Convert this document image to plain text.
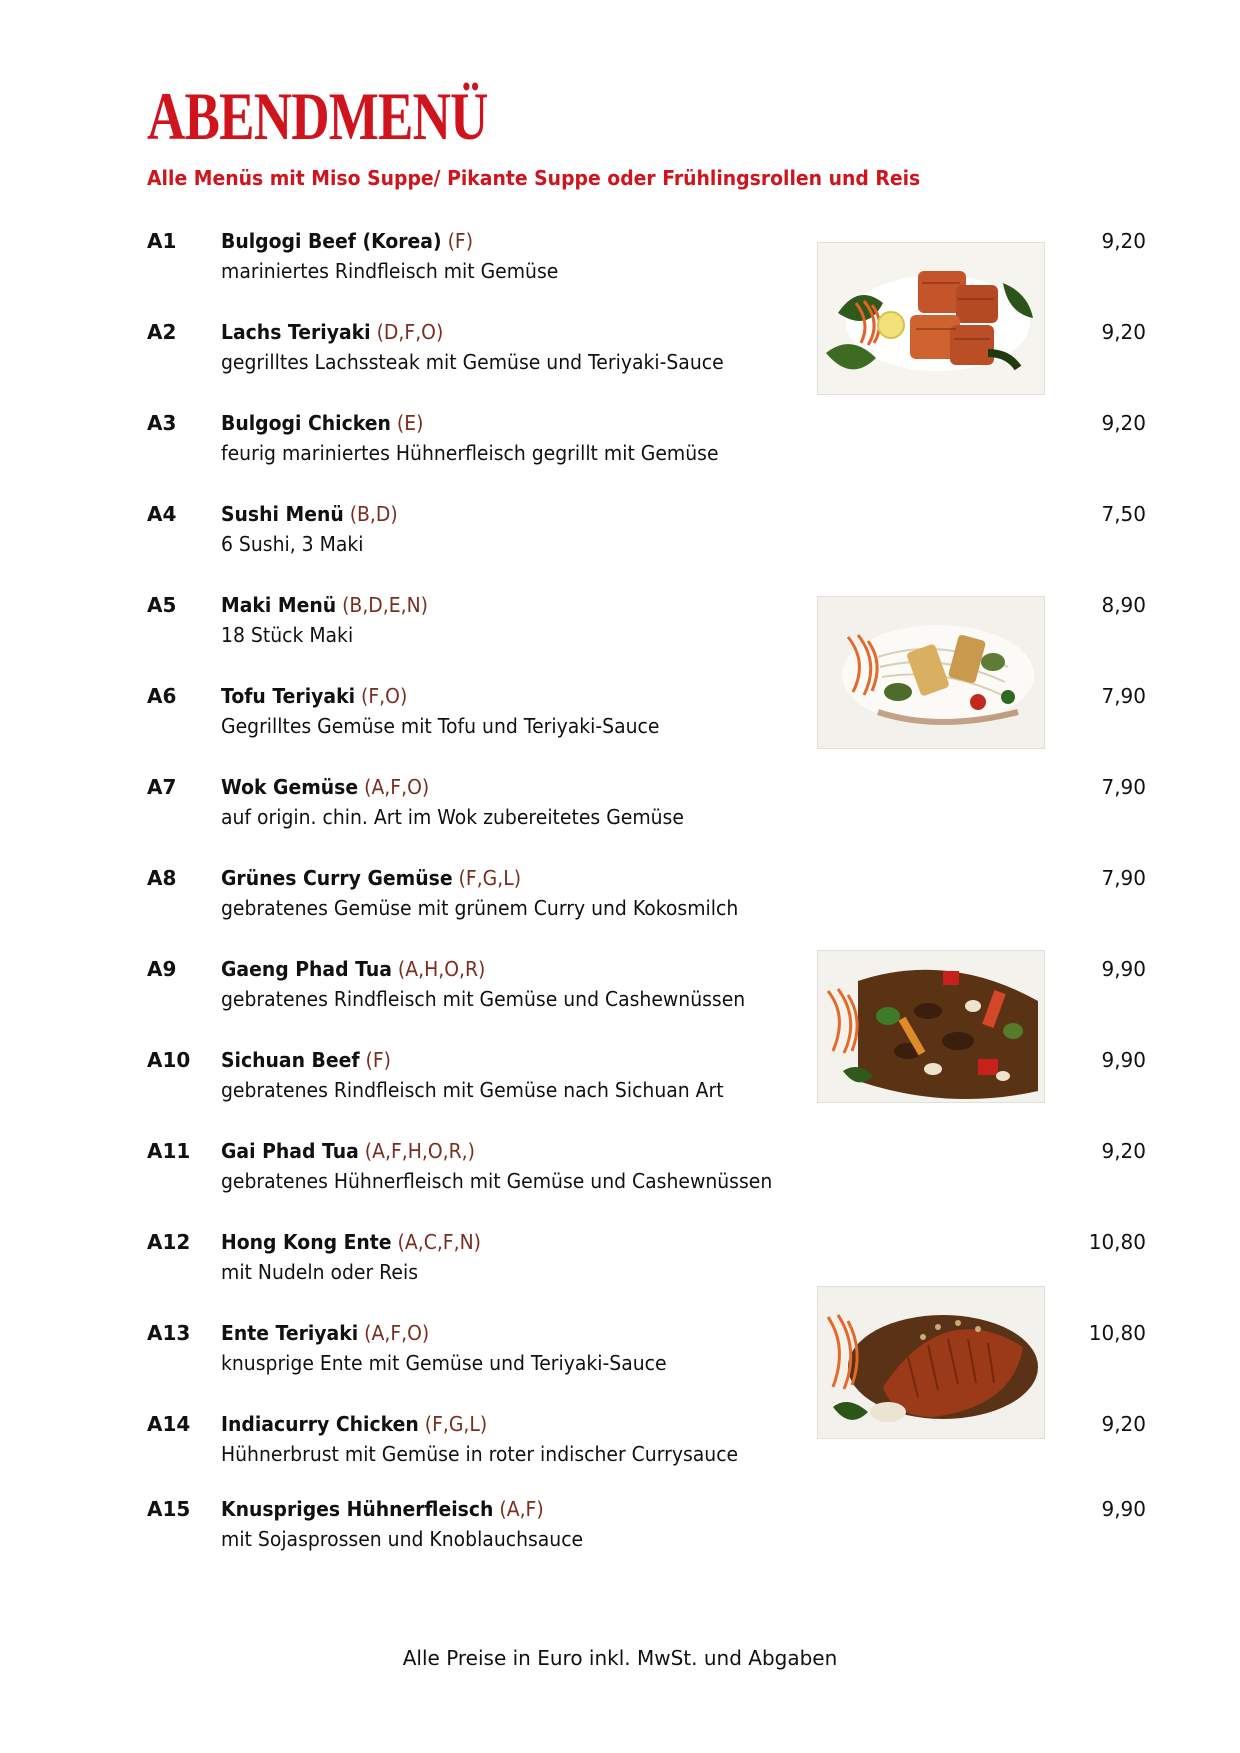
ABENDMENÜ
Alle Menüs mit Miso Suppe/ Pikante Suppe oder Frühlingsrollen und Reis
A1 Bulgogi Beef (Korea) (F)
mariniertes Rindfleisch mit Gemüse
9,20
A2 Lachs Teriyaki (D,F,O)
gegrilltes Lachssteak mit Gemüse und Teriyaki-Sauce
9,20
A3 Bulgogi Chicken (E)
feurig mariniertes Hühnerfleisch gegrillt mit Gemüse
9,20
A4 Sushi Menü (B,D)
6 Sushi, 3 Maki
7,50
A5 Maki Menü (B,D,E,N)
18 Stück Maki
8,90
A6 Tofu Teriyaki (F,O)
Gegrilltes Gemüse mit Tofu und Teriyaki-Sauce
7,90
A7 Wok Gemüse (A,F,O)
auf origin. chin. Art im Wok zubereitetes Gemüse
7,90
A8 Grünes Curry Gemüse (F,G,L)
gebratenes Gemüse mit grünem Curry und Kokosmilch
7,90
A9 Gaeng Phad Tua (A,H,O,R)
gebratenes Rindfleisch mit Gemüse und Cashewnüssen
9,90
A10 Sichuan Beef (F)
gebratenes Rindfleisch mit Gemüse nach Sichuan Art
9,90
A11 Gai Phad Tua (A,F,H,O,R,)
gebratenes Hühnerfleisch mit Gemüse und Cashewnüssen
9,20
A12 Hong Kong Ente (A,C,F,N)
mit Nudeln oder Reis
10,80
A13 Ente Teriyaki (A,F,O)
knusprige Ente mit Gemüse und Teriyaki-Sauce
10,80
A14 Indiacurry Chicken (F,G,L)
Hühnerbrust mit Gemüse in roter indischer Currysauce
9,20
A15 Knuspriges Hühnerfleisch (A,F)
mit Sojasprossen und Knoblauchsauce
9,90
Alle Preise in Euro inkl. MwSt. und Abgaben
